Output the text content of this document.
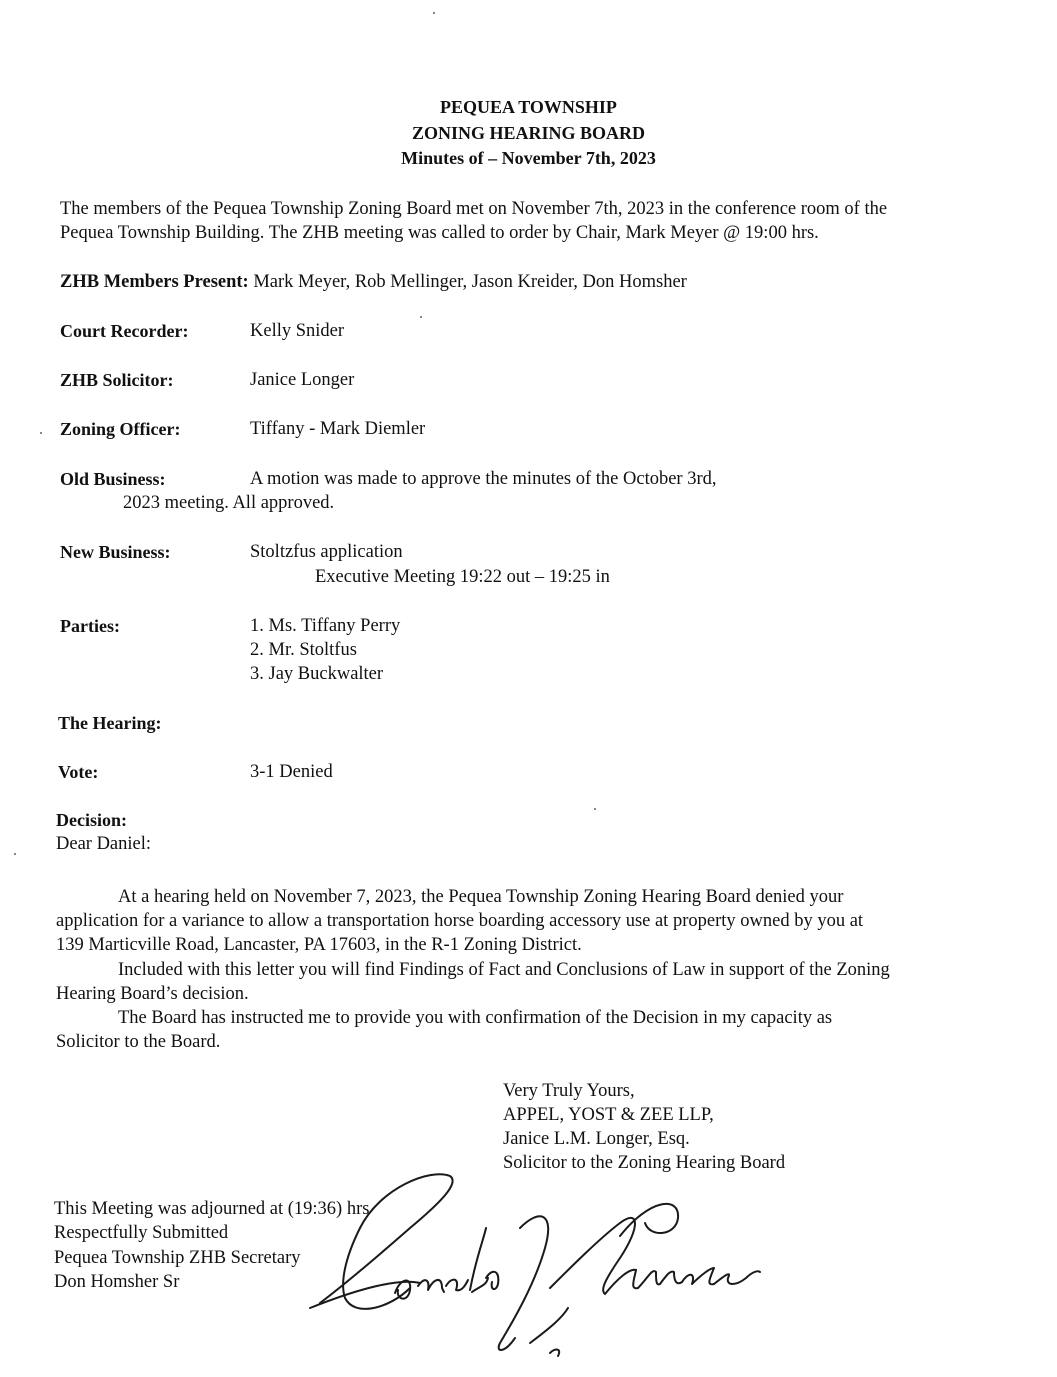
PEQUEA TOWNSHIP
ZONING HEARING BOARD
Minutes of – November 7th, 2023
The members of the Pequea Township Zoning Board met on November 7th, 2023 in the conference room of the
Pequea Township Building. The ZHB meeting was called to order by Chair, Mark Meyer @ 19:00 hrs.
ZHB Members Present: Mark Meyer, Rob Mellinger, Jason Kreider, Don Homsher
Court Recorder:	Kelly Snider
ZHB Solicitor:	Janice Longer
Zoning Officer:	Tiffany - Mark Diemler
Old Business:	A motion was made to approve the minutes of the October 3rd,
2023 meeting. All approved.
New Business:	Stoltzfus application
Executive Meeting 19:22 out – 19:25 in
Parties:	1. Ms. Tiffany Perry
2. Mr. Stoltfus
3. Jay Buckwalter
The Hearing:
Vote:	3-1 Denied
Decision:
Dear Daniel:
At a hearing held on November 7, 2023, the Pequea Township Zoning Hearing Board denied your
application for a variance to allow a transportation horse boarding accessory use at property owned by you at
139 Marticville Road, Lancaster, PA 17603, in the R-1 Zoning District.
Included with this letter you will find Findings of Fact and Conclusions of Law in support of the Zoning
Hearing Board’s decision.
The Board has instructed me to provide you with confirmation of the Decision in my capacity as
Solicitor to the Board.
Very Truly Yours,
APPEL, YOST & ZEE LLP,
Janice L.M. Longer, Esq.
Solicitor to the Zoning Hearing Board
This Meeting was adjourned at (19:36) hrs
Respectfully Submitted
Pequea Township ZHB Secretary
Don Homsher Sr
